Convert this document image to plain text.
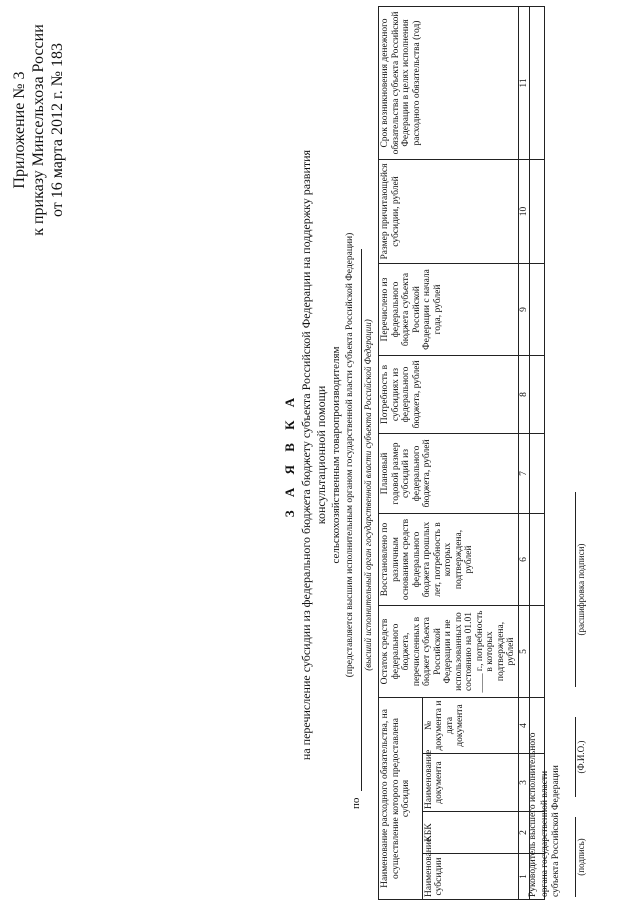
Приложение № 3 к приказу Минсельхоза России от 16 марта 2012 г. № 183
З А Я В К А на перечисление субсидии из федерального бюджета бюджету субъекта Российской Федерации на поддержку развития консультационной помощи сельскохозяйственным товаропроизводителям (представляется высшим исполнительным органом государственной власти субъекта Российской Федерации)
по
(высший исполнительный орган государственной власти субъекта Российской Федерации)
Наименование расходного обязательства, на осуществление которого предоставлена субсидия				Остаток средств федерального бюджета, перечисленных в бюджет субъекта Российской Федерации и не использованных по состоянию на 01.01 ____ г., потребность в которых подтверждена, рублей	Восстановлено по различным основаниям средств федерального бюджета прошлых лет, потребность в которых подтверждена, рублей	Плановый годовой размер субсидий из федерального бюджета, рублей	Потребность в субсидиях из федерального бюджета, рублей	Перечислено из федерального бюджета субъекта Российской Федерации с начала года, рублей	Размер причитающейся субсидии, рублей	Срок возникновения денежного обязательства субъекта Российской Федерации в целях исполнения расходного обязательства (год)
Наименование субсидии	КБК	Наименование документа	№ документа и дата документа							
1	2	3	4	5	6	7	8	9	10	11

Руководитель высшего исполнительного органа государственной власти субъекта Российской Федерации (подпись)
(Ф.И.О.)
(расшифровка подписи)
